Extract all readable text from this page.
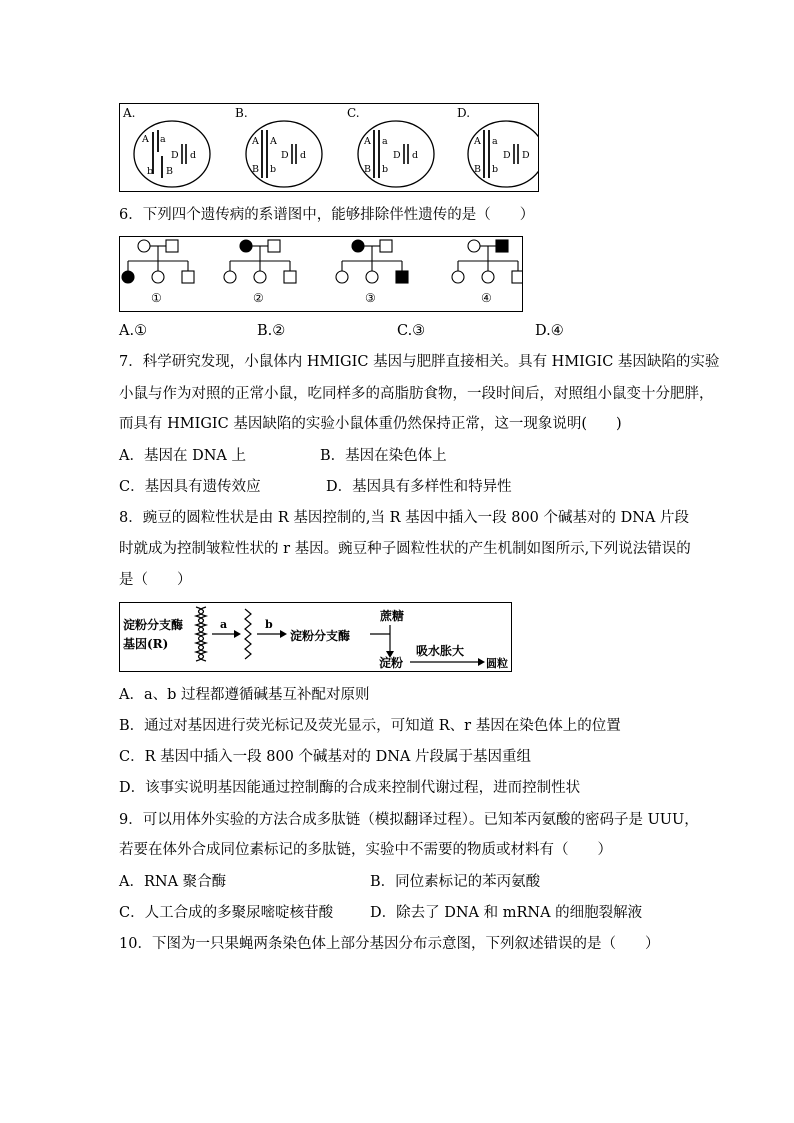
A.
A a
D d
b B
B.
A A
D d
B b
C.
A a
D d
B b
D.
A a
D D
B b
6．下列四个遗传病的系谱图中，能够排除伴性遗传的是（　　）
①	②	③	④
A.①	B.②	C.③	D.④
7．科学研究发现，小鼠体内 HMIGIC 基因与肥胖直接相关。具有 HMIGIC 基因缺陷的实验
小鼠与作为对照的正常小鼠，吃同样多的高脂肪食物，一段时间后，对照组小鼠变十分肥胖，
而具有 HMIGIC 基因缺陷的实验小鼠体重仍然保持正常，这一现象说明(　　)
A．基因在 DNA 上	B．基因在染色体上
C．基因具有遗传效应	D．基因具有多样性和特异性
8．豌豆的圆粒性状是由 R 基因控制的,当 R 基因中插入一段 800 个碱基对的 DNA 片段
时就成为控制皱粒性状的 r 基因。豌豆种子圆粒性状的产生机制如图所示,下列说法错误的
是（　　）
淀粉分支酶
基因(R)
a	b
淀粉分支酶
蔗糖
淀粉
吸水胀大
圆粒
A．a、b 过程都遵循碱基互补配对原则
B．通过对基因进行荧光标记及荧光显示，可知道 R、r 基因在染色体上的位置
C．R 基因中插入一段 800 个碱基对的 DNA 片段属于基因重组
D．该事实说明基因能通过控制酶的合成来控制代谢过程，进而控制性状
9．可以用体外实验的方法合成多肽链（模拟翻译过程）。已知苯丙氨酸的密码子是 UUU，
若要在体外合成同位素标记的多肽链，实验中不需要的物质或材料有（　　）
A．RNA 聚合酶	B．同位素标记的苯丙氨酸
C．人工合成的多聚尿嘧啶核苷酸	D．除去了 DNA 和 mRNA 的细胞裂解液
10．下图为一只果蝇两条染色体上部分基因分布示意图，下列叙述错误的是（　　）
